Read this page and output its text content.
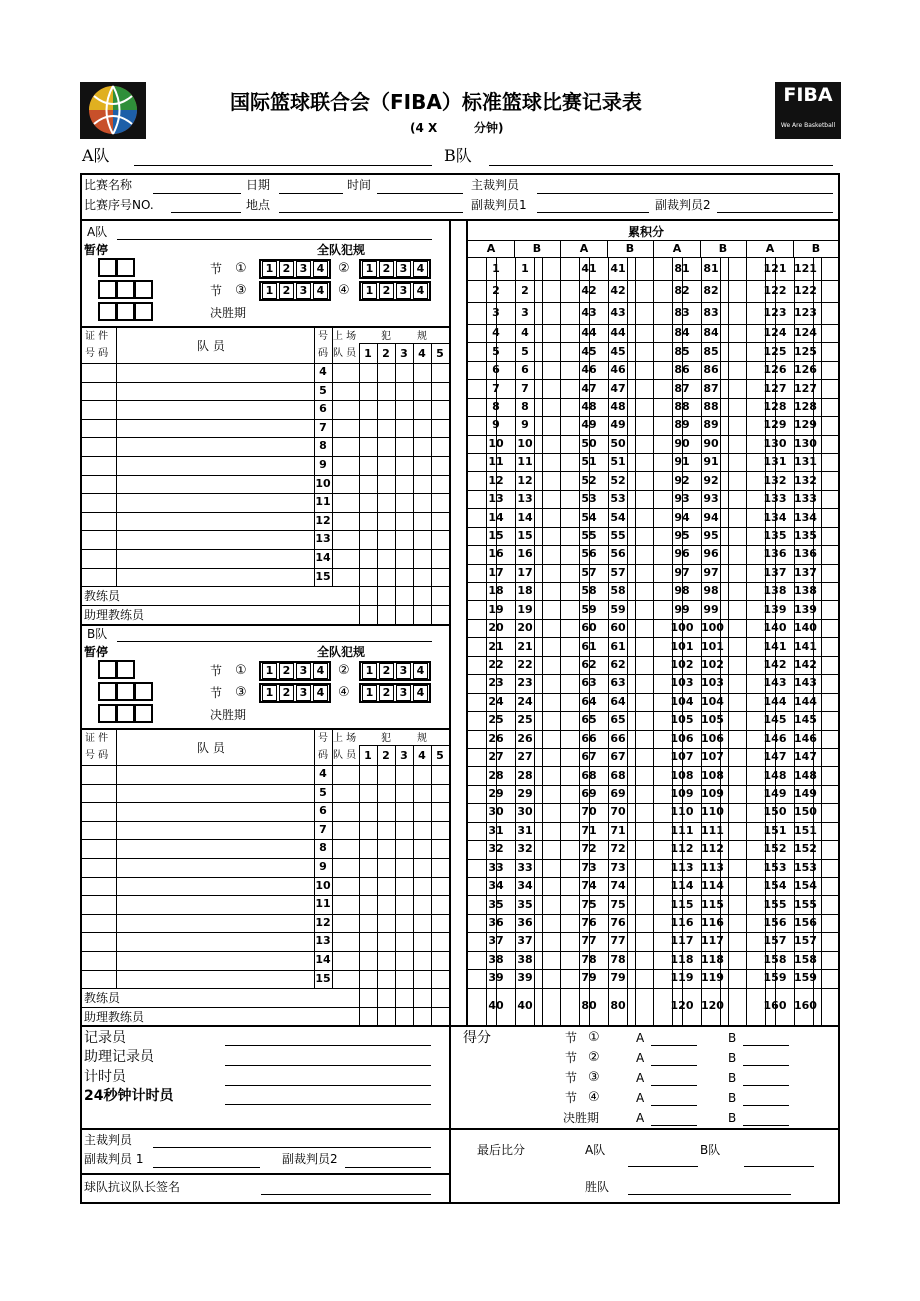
FIBA
We Are Basketball
国际篮球联合会（FIBA）标准篮球比赛记录表
(4 X	分钟)
A队	B队
比赛名称	日期	时间	主裁判员
比赛序号NO.	地点	副裁判员1	副裁判员2
A队
暂停	全队犯规
节 ①	②
1 2 3 4	1 2 3 4
节 ③	④
1 2 3 4	1 2 3 4
决胜期
证 件
号 码
队 员
号
码
上 场
队 员
犯	规
1 2 3 4 5
4
5
6
7
8
9
10
11
12
13
14
15
教练员
助理教练员
B队
暂停	全队犯规
节 ①	②
1 2 3 4	1 2 3 4
节 ③	④
1 2 3 4	1 2 3 4
决胜期
证 件
号 码
队 员
号
码
上 场
队 员
犯	规
1 2 3 4 5
4
5
6
7
8
9
10
11
12
13
14
15
教练员
助理教练员
累积分
A	B	A	B	A	B	A	B
1	1	41	41	81	81	121 121
2	2	42	42	82	82	122 122
3	3	43	43	83	83	123 123
4	4	44	44	84	84	124 124
5	5	45	45	85	85	125 125
6	6	46	46	86	86	126 126
7	7	47	47	87	87	127 127
8	8	48	48	88	88	128 128
9	9	49	49	89	89	129 129
10	10	50	50	90	90	130 130
11	11	51	51	91	91	131 131
12	12	52	52	92	92	132 132
13	13	53	53	93	93	133 133
14	14	54	54	94	94	134 134
15	15	55	55	95	95	135 135
16	16	56	56	96	96	136 136
17	17	57	57	97	97	137 137
18	18	58	58	98	98	138 138
19	19	59	59	99	99	139 139
20	20	60	60	100 100	140 140
21	21	61	61	101 101	141 141
22	22	62	62	102 102	142 142
23	23	63	63	103 103	143 143
24	24	64	64	104 104	144 144
25	25	65	65	105 105	145 145
26	26	66	66	106 106	146 146
27	27	67	67	107 107	147 147
28	28	68	68	108 108	148 148
29	29	69	69	109 109	149 149
30	30	70	70	110 110	150 150
31	31	71	71	111 111	151 151
32	32	72	72	112 112	152 152
33	33	73	73	113 113	153 153
34	34	74	74	114 114	154 154
35	35	75	75	115 115	155 155
36	36	76	76	116 116	156 156
37	37	77	77	117 117	157 157
38	38	78	78	118 118	158 158
39	39	79	79	119 119	159 159
40	40	80	80	120 120	160 160
记录员
助理记录员
计时员
24秒钟计时员
主裁判员
副裁判员 1	副裁判员2
球队抗议队长签名
得分	节 ①	A	B
节 ②	A	B
节 ③	A	B
节 ④	A	B
决胜期	A	B
最后比分	A队	B队
胜队
